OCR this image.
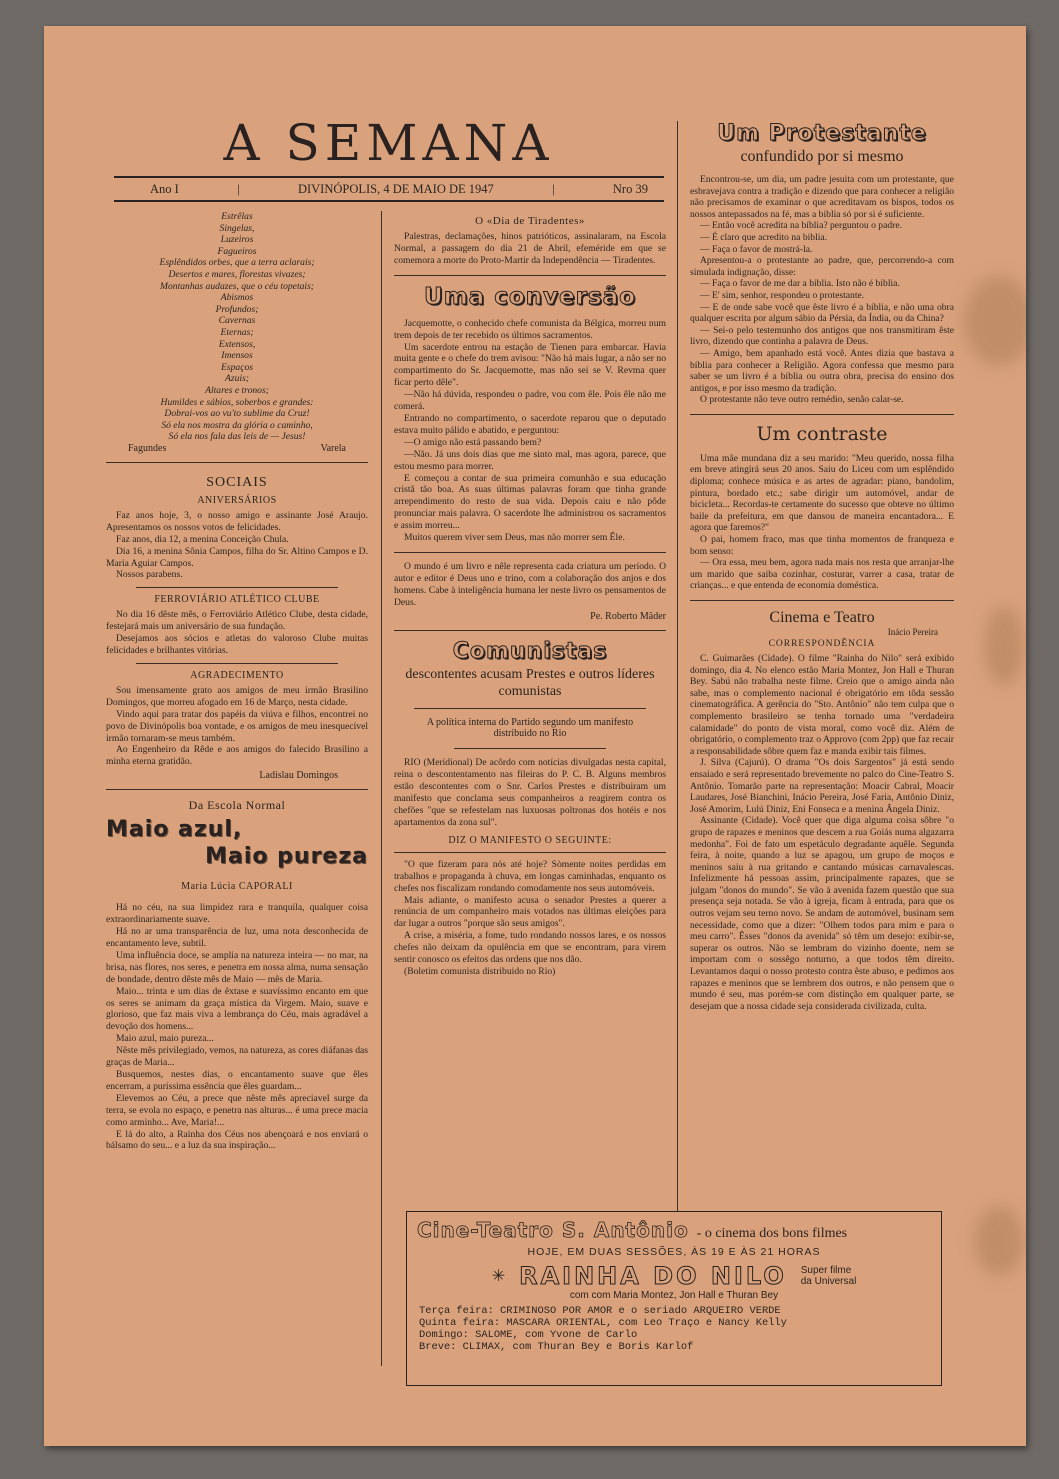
A SEMANA
Ano I	|	DIVINÓPOLIS, 4 DE MAIO DE 1947	|	Nro 39

Estrêlas

Singelas,

Luzeiros

Fagueiros

Esplêndidos orbes, que a terra aclarais;

Desertos e mares, florestas vivazes;

Montanhas audazes, que o céu topetais;

Abismos

Profundos;

Cavernas

Eternas;

Extensos,

Imensos

Espaços

Azuis;

Altares e tronos;

Humildes e sábios, soberbos e grandes:

Dobrai-vos ao vu'to sublime da Cruz!

Só ela nos mostra da glória o caminho,

Só ela nos fala das leis de — Jesus!

Fagundes	Varela
SOCIAIS
ANIVERSÁRIOS

Faz anos hoje, 3, o nosso amigo e assinante José Araujo. Apresentamos os nossos votos de felicidades.

Faz anos, dia 12, a menina Conceição Chula.

Dia 16, a menina Sônia Campos, filha do Sr. Altino Campos e D. Maria Aguiar Campos.

Nossos parabens.

FERROVIÁRIO ATLÉTICO CLUBE

No dia 16 dêste mês, o Ferroviário Atlético Clube, desta cidade, festejará mais um aniversário de sua fundação.

Desejamos aos sócios e atletas do valoroso Clube muitas felicidades e brilhantes vitórias.

AGRADECIMENTO

Sou imensamente grato aos amigos de meu irmão Brasilino Domingos, que morreu afogado em 16 de Março, nesta cidade.

Vindo aqui para tratar dos papéis da viúva e filhos, encontrei no povo de Divinópolis boa vontade, e os amigos de meu inesquecível irmão tornaram-se meus também.

Ao Engenheiro da Rêde e aos amigos do falecido Brasilino a minha eterna gratidão.

Ladislau Domingos
Da Escola Normal
Maio azul,
Maio pureza
Maria Lúcia CAPORALI

Há no céu, na sua limpidez rara e tranquila, qualquer coisa extraordinariamente suave.

Há no ar uma transparência de luz, uma nota desconhecida de encantamento leve, subtil.

Uma influência doce, se amplia na natureza inteira — no mar, na brisa, nas flores, nos seres, e penetra em nossa alma, numa sensação de bondade, dentro dêste mês de Maio — mês de Maria.

Maio... trinta e um dias de êxtase e suavíssimo encanto em que os seres se animam da graça mística da Virgem. Maio, suave e glorioso, que faz mais viva a lembrança do Céu, mais agradável a devoção dos homens...

Maio azul, maio pureza...

Nêste mês privilegiado, vemos, na natureza, as cores diáfanas das graças de Maria...

Busquemos, nestes dias, o encantamento suave que êles encerram, a puríssima essência que êles guardam...

Elevemos ao Céu, a prece que nêste mês apreciavel surge da terra, se evola no espaço, e penetra nas alturas... é uma prece macia como arminho... Ave, Maria!...

E lá do alto, a Rainha dos Céus nos abençoará e nos enviará o bálsamo do seu... e a luz da sua inspiração...

O «Dia de Tiradentes»

Palestras, declamações, hinos patrióticos, assinalaram, na Escola Normal, a passagem do dia 21 de Abril, efeméride em que se comemora a morte do Proto-Martir da Independência — Tiradentes.

Uma conversão

Jacquemotte, o conhecido chefe comunista da Bélgica, morreu num trem depois de ter recebido os últimos sacramentos.

Um sacerdote entrou na estação de Tienen para embarcar. Havia muita gente e o chefe do trem avisou: "Não há mais lugar, a não ser no compartimento do Sr. Jacquemotte, mas não sei se V. Revma quer ficar perto dêle".

—Não há dúvida, respondeu o padre, vou com êle. Pois êle não me comerá.

Entrando no compartimento, o sacerdote reparou que o deputado estava muito pálido e abatido, e perguntou:

—O amigo não está passando bem?

—Não. Já uns dois dias que me sinto mal, mas agora, parece, que estou mesmo para morrer.

E começou a contar de sua primeira comunhão e sua educação cristã tão boa. As suas últimas palavras foram que tinha grande arrependimento do resto de sua vida. Depois caiu e não pôde pronunciar mais palavra. O sacerdote lhe administrou os sacramentos e assim morreu...

Muitos querem viver sem Deus, mas não morrer sem Êle.

O mundo é um livro e nêle representa cada criatura um período. O autor e editor é Deus uno e trino, com a colaboração dos anjos e dos homens. Cabe à inteligência humana ler neste livro os pensamentos de Deus.

Pe. Roberto Mäder
Comunistas
descontentes acusam Prestes e outros líderes comunistas

A política interna do Partido segundo um manifesto distribuido no Rio

RIO (Meridional) De acôrdo com notícias divulgadas nesta capital, reina o descontentamento nas fileiras do P. C. B. Alguns membros estão descontentes com o Snr. Carlos Prestes e distribuiram um manifesto que conclama seus companheiros a reagirem contra os chefões "que se refestelam nas luxuosas poltronas dos hotéis e nos apartamentos da zona sul".

DIZ O MANIFESTO O SEGUINTE:

"O que fizeram para nós até hoje? Sòmente noites perdidas em trabalhos e propaganda à chuva, em longas caminhadas, enquanto os chefes nos fiscalizam rondando comodamente nos seus automóveis.

Mais adiante, o manifesto acusa o senador Prestes a querer a renúncia de um companheiro mais votados nas últimas eleições para dar lugar a outros "porque são seus amigos".

A crise, a miséria, a fome, tudo rondando nossos lares, e os nossos chefes não deixam da opulência em que se encontram, para virem sentir conosco os efeitos das ordens que nos dão.

(Boletim comunista distribuido no Rio)

Um Protestante
confundido por si mesmo

Encontrou-se, um dia, um padre jesuita com um protestante, que esbravejava contra a tradição e dizendo que para conhecer a religião não precisamos de examinar o que acreditavam os bispos, todos os nossos antepassados na fé, mas a biblia só por si é suficiente.

— Então você acredita na bíblia? perguntou o padre.

— É claro que acredito na biblia.

— Faça o favor de mostrá-la.

Apresentou-a o protestante ao padre, que, percorrendo-a com simulada indignação, disse:

— Faça o favor de me dar a biblia. Isto não é biblia.

— E' sim, senhor, respondeu o protestante.

— E de onde sabe você que êste livro é a bíblia, e não uma obra qualquer escrita por algum sábio da Pérsia, da Índia, ou da China?

— Sei-o pelo testemunho dos antigos que nos transmitiram êste livro, dizendo que continha a palavra de Deus.

— Amigo, bem apanhado está você. Antes dizia que bastava a bíblia para conhecer a Religião. Agora confessa que mesmo para saber se um livro é a bíblia ou outra obra, precisa do ensino dos antigos, e por isso mesmo da tradição.

O protestante não teve outro remédio, senão calar-se.

Um contraste

Uma mãe mundana diz a seu marido: "Meu querido, nossa filha em breve atingirá seus 20 anos. Saiu do Liceu com um esplêndido diploma; conhece música e as artes de agradar: piano, bandolim, pintura, bordado etc.; sabe dirigir um automóvel, andar de bicicleta... Recordas-te certamente do sucesso que obteve no último baile da prefeitura, em que dansou de maneira encantadora... E agora que faremos?"

O pai, homem fraco, mas que tinha momentos de franqueza e bom senso:

— Ora essa, meu bem, agora nada mais nos resta que arranjar-lhe um marido que saiba cozinhar, costurar, varrer a casa, tratar de crianças... e que entenda de economia doméstica.

Cinema e Teatro
Inácio Pereira
CORRESPONDÊNCIA

C. Guimarães (Cidade). O filme "Rainha do Nilo" será exibido domingo, dia 4. No elenco estão Maria Montez, Jon Hall e Thuran Bey. Sabú não trabalha neste filme. Creio que o amigo ainda não sabe, mas o complemento nacional é obrigatório em tôda sessão cinematográfica. A gerência do "Sto. Antônio" não tem culpa que o complemento brasileiro se tenha tornado uma "verdadeira calamidade" do ponto de vista moral, como você diz. Além de obrigatório, o complemento traz o Approvo (com 2pp) que faz recair a responsabilidade sôbre quem faz e manda exibir tais filmes.

J. Silva (Cajurú). O drama "Os dois Sargentos" já está sendo ensaiado e será representado brevemente no palco do Cine-Teatro S. Antônio. Tomarão parte na representação: Moacir Cabral, Moacir Laudares, José Bianchini, Inácio Pereira, José Faria, Antônio Diniz, José Amorim, Lulú Diniz, Eni Fonseca e a menina Ângela Diniz.

Assinante (Cidade). Você quer que diga alguma coisa sôbre "o grupo de rapazes e meninos que descem a rua Goiás numa algazarra medonha". Foi de fato um espetáculo degradante aquêle. Segunda feira, à noite, quando a luz se apagou, um grupo de moços e meninos saiu à rua gritando e cantando músicas carnavalescas. Infelizmente há pessoas assim, principalmente rapazes, que se julgam "donos do mundo". Se vão à avenida fazem questão que sua presença seja notada. Se vão à igreja, ficam à entrada, para que os outros vejam seu terno novo. Se andam de automóvel, businam sem necessidade, como que a dizer: "Olhem todos para mim e para o meu carro". Êsses "donos da avenida" só têm um desejo: exibir-se, superar os outros. Não se lembram do vizinho doente, nem se importam com o sossêgo noturno, a que todos têm direito. Levantamos daqui o nosso protesto contra êste abuso, e pedimos aos rapazes e meninos que se lembrem dos outros, e não pensem que o mundo é seu, mas porém-se com distinção em qualquer parte, se desejam que a nossa cidade seja considerada civilizada, culta.

Cine-Teatro S. Antônio - o cinema dos bons filmes
HOJE, EM DUAS SESSÕES, ÀS 19 E ÀS 21 HORAS
✳ RAINHA DO NILO Super filme
da Universal
com com Maria Montez, Jon Hall e Thuran Bey
Terça feira: CRIMINOSO POR AMOR e o seriado ARQUEIRO VERDE
Quinta feira: MASCARA ORIENTAL, com Leo Traço e Nancy Kelly
Domingo: SALOME, com Yvone de Carlo
Breve: CLIMAX, com Thuran Bey e Boris Karlof
